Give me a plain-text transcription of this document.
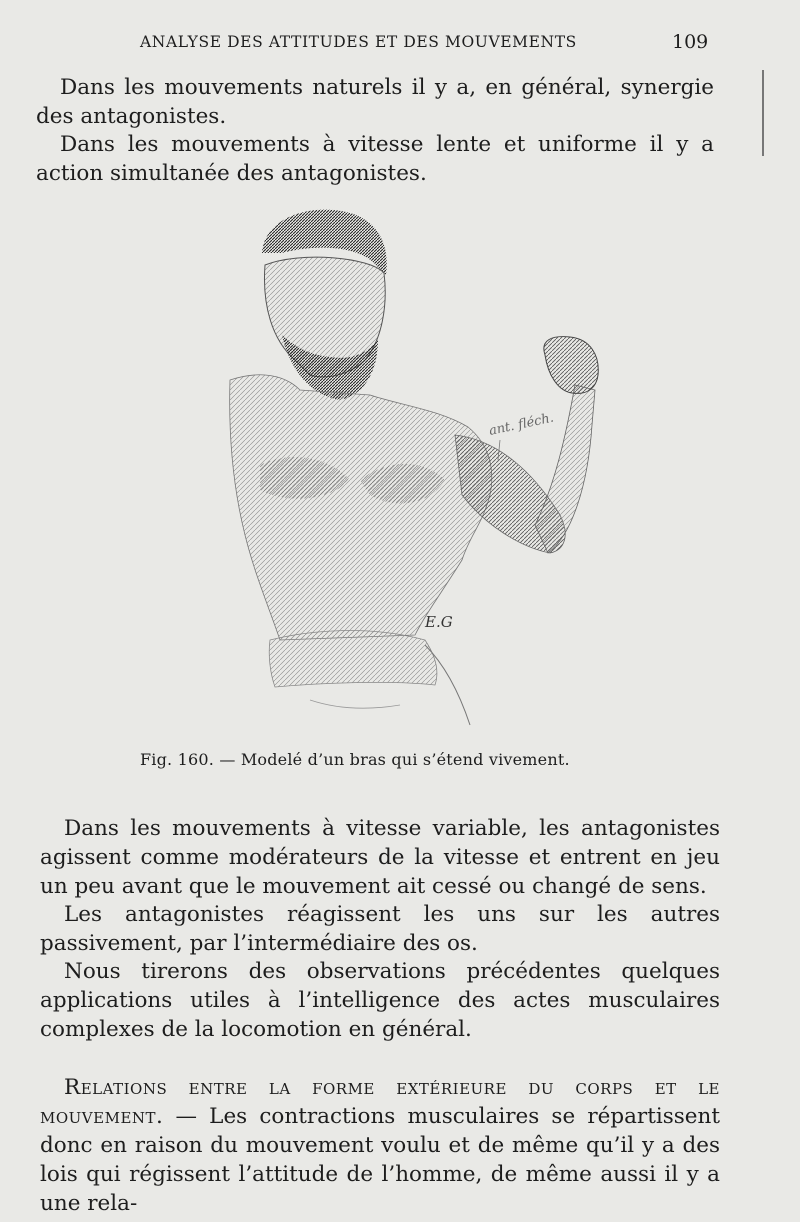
ANALYSE DES ATTITUDES ET DES MOUVEMENTS	109

Dans les mouvements naturels il y a, en général, synergie des antagonistes.

Dans les mouvements à vitesse lente et uniforme il y a action simultanée des antagonistes.

ant. fléch.
E.G
Fig. 160. — Modelé d’un bras qui s’étend vivement.

Dans les mouvements à vitesse variable, les antagonistes agissent comme modérateurs de la vitesse et entrent en jeu un peu avant que le mouvement ait cessé ou changé de sens.

Les antagonistes réagissent les uns sur les autres passivement, par l’intermédiaire des os.

Nous tirerons des observations précédentes quelques applications utiles à l’intelligence des actes musculaires complexes de la locomotion en général.

Relations entre la forme extérieure du corps et le mouvement. — Les contractions musculaires se répartissent donc en raison du mouvement voulu et de même qu’il y a des lois qui régissent l’attitude de l’homme, de même aussi il y a une rela-
